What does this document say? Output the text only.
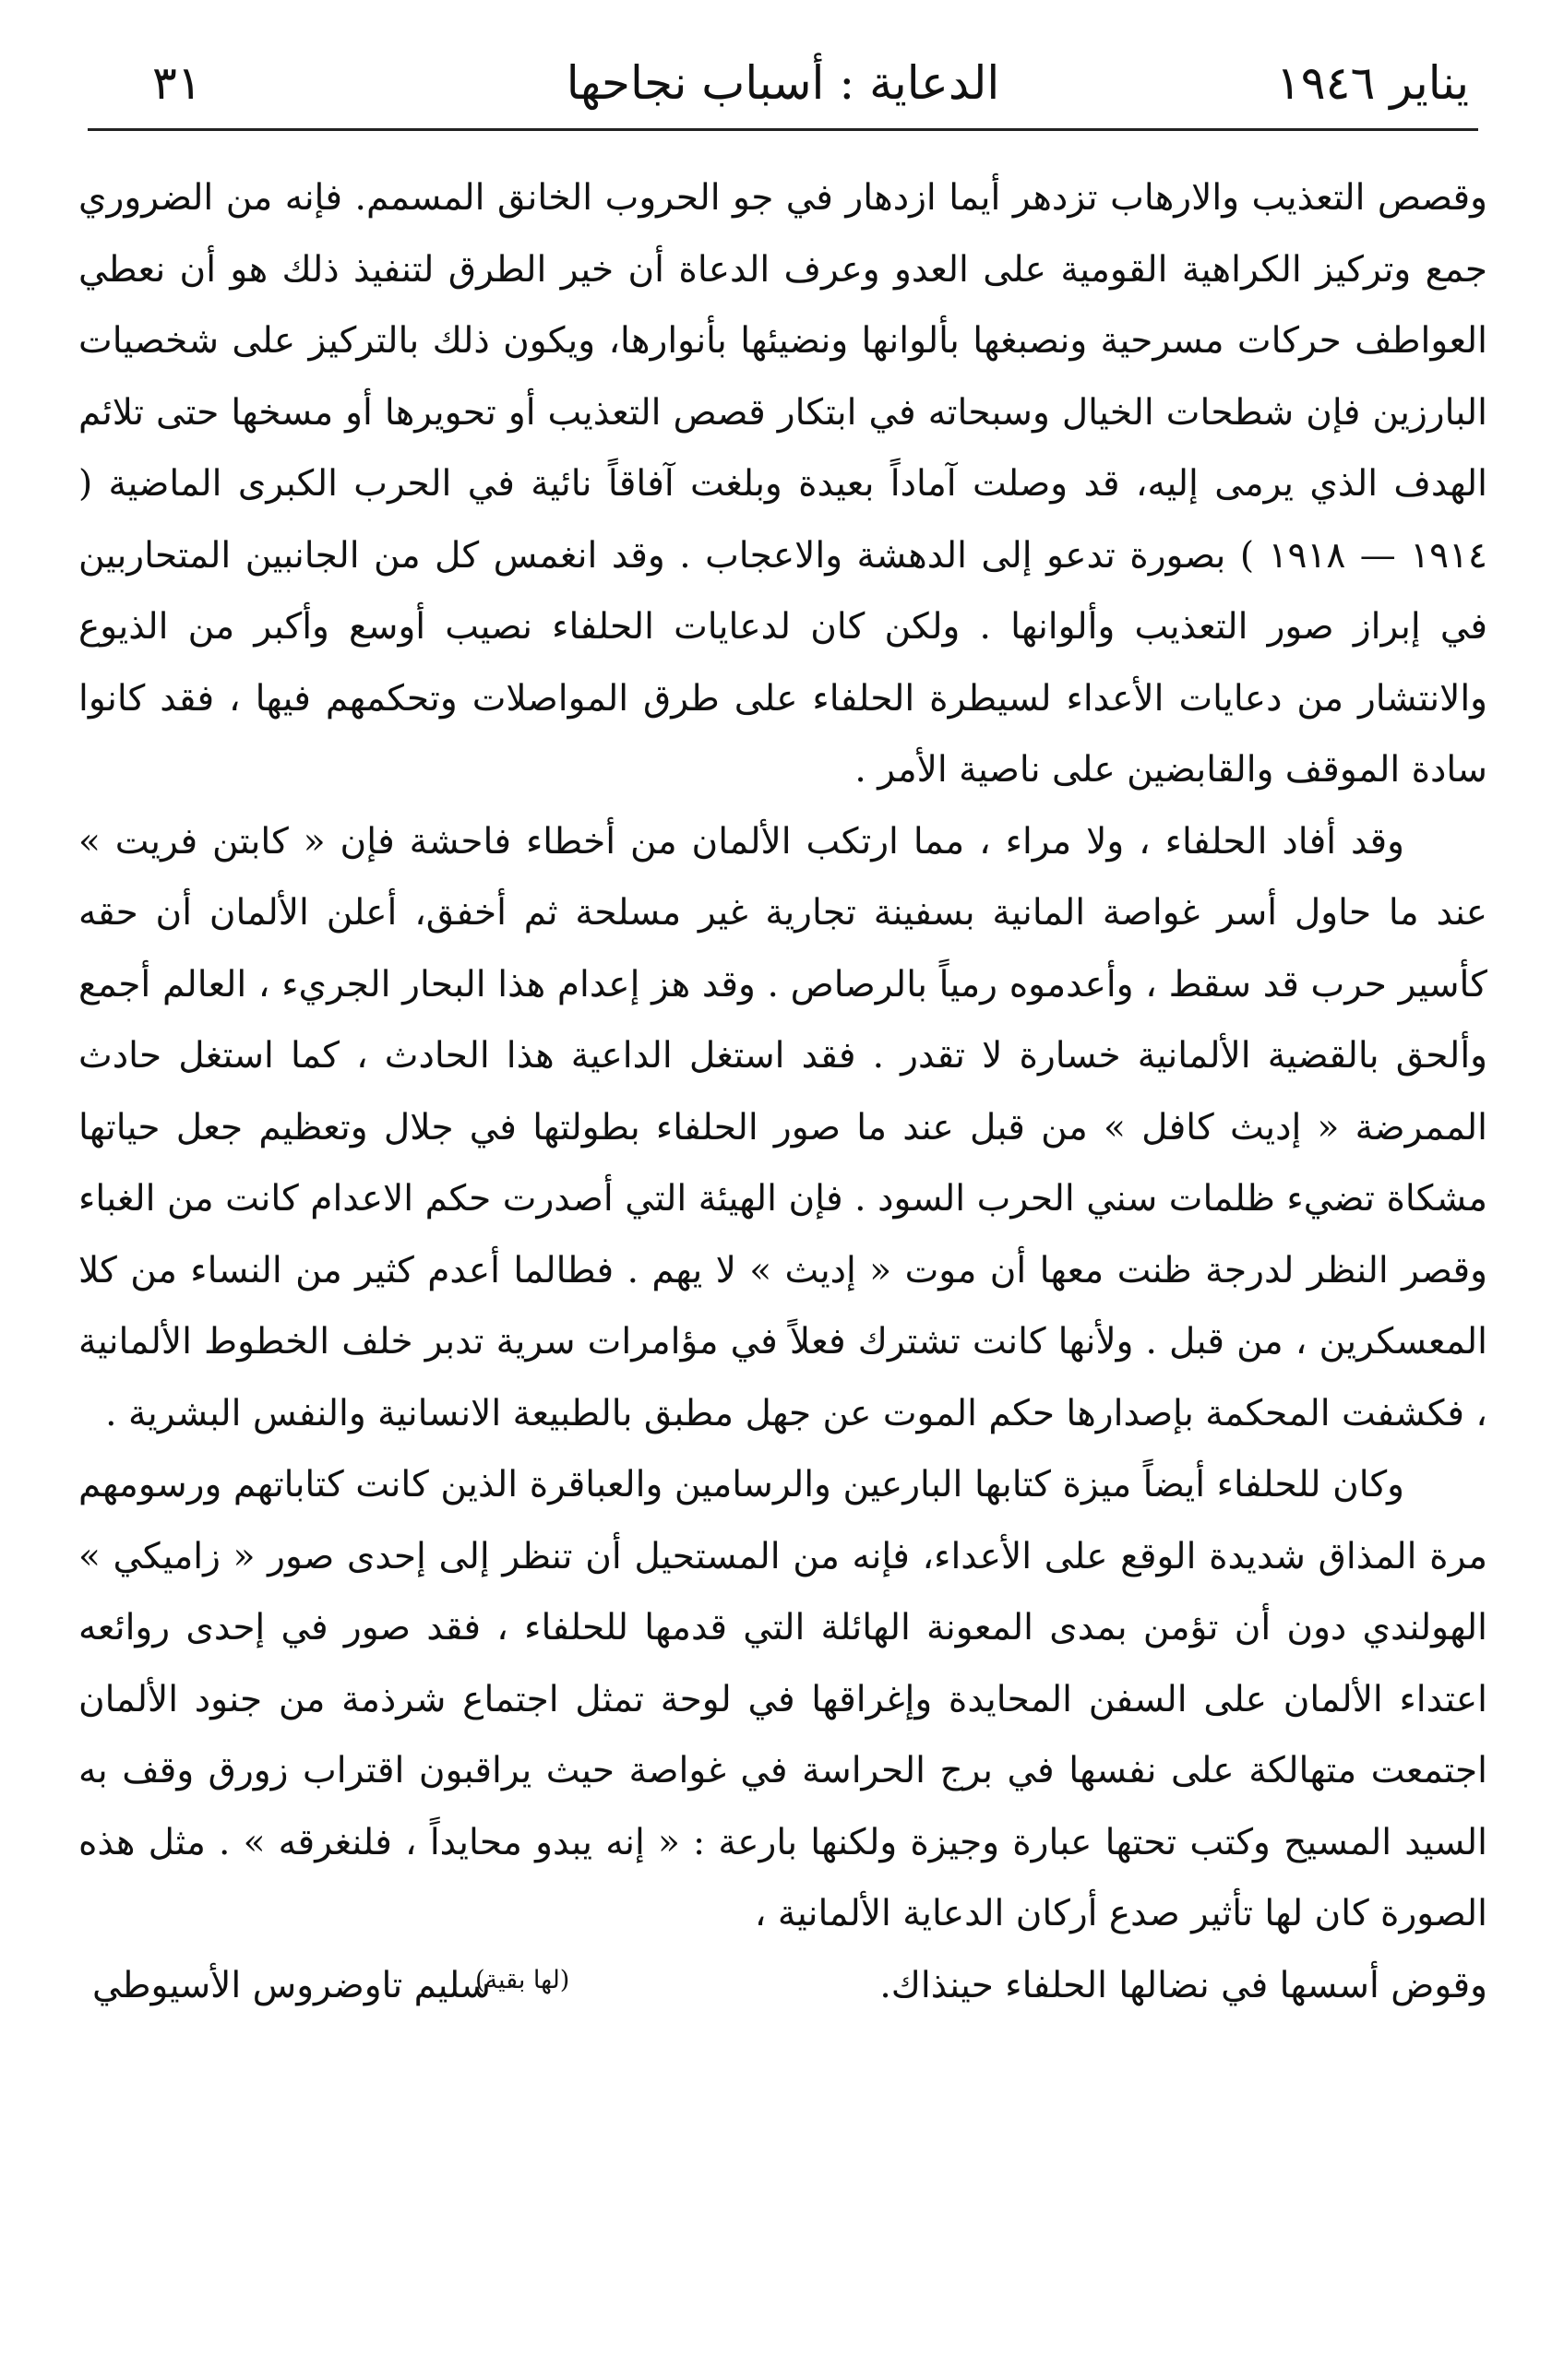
يناير ١٩٤٦
الدعاية : أسباب نجاحها
٣١

وقصص التعذيب والارهاب تزدهر أيما ازدهار في جو الحروب الخانق المسمم. فإنه من الضروري جمع وتركيز الكراهية القومية على العدو وعرف الدعاة أن خير الطرق لتنفيذ ذلك هو أن نعطي العواطف حركات مسرحية ونصبغها بألوانها ونضيئها بأنوارها، ويكون ذلك بالتركيز على شخصيات البارزين فإن شطحات الخيال وسبحاته في ابتكار قصص التعذيب أو تحويرها أو مسخها حتى تلائم الهدف الذي يرمى إليه، قد وصلت آماداً بعيدة وبلغت آفاقاً نائية في الحرب الكبرى الماضية ( ١٩١٤ — ١٩١٨ ) بصورة تدعو إلى الدهشة والاعجاب . وقد انغمس كل من الجانبين المتحاربين في إبراز صور التعذيب وألوانها . ولكن كان لدعايات الحلفاء نصيب أوسع وأكبر من الذيوع والانتشار من دعايات الأعداء لسيطرة الحلفاء على طرق المواصلات وتحكمهم فيها ، فقد كانوا سادة الموقف والقابضين على ناصية الأمر .

وقد أفاد الحلفاء ، ولا مراء ، مما ارتكب الألمان من أخطاء فاحشة فإن « كابتن فريت » عند ما حاول أسر غواصة المانية بسفينة تجارية غير مسلحة ثم أخفق، أعلن الألمان أن حقه كأسير حرب قد سقط ، وأعدموه رمياً بالرصاص . وقد هز إعدام هذا البحار الجريء ، العالم أجمع وألحق بالقضية الألمانية خسارة لا تقدر . فقد استغل الداعية هذا الحادث ، كما استغل حادث الممرضة « إديث كافل » من قبل عند ما صور الحلفاء بطولتها في جلال وتعظيم جعل حياتها مشكاة تضيء ظلمات سني الحرب السود . فإن الهيئة التي أصدرت حكم الاعدام كانت من الغباء وقصر النظر لدرجة ظنت معها أن موت « إديث » لا يهم . فطالما أعدم كثير من النساء من كلا المعسكرين ، من قبل . ولأنها كانت تشترك فعلاً في مؤامرات سرية تدبر خلف الخطوط الألمانية ، فكشفت المحكمة بإصدارها حكم الموت عن جهل مطبق بالطبيعة الانسانية والنفس البشرية .

وكان للحلفاء أيضاً ميزة كتابها البارعين والرسامين والعباقرة الذين كانت كتاباتهم ورسومهم مرة المذاق شديدة الوقع على الأعداء، فإنه من المستحيل أن تنظر إلى إحدى صور « زاميكي » الهولندي دون أن تؤمن بمدى المعونة الهائلة التي قدمها للحلفاء ، فقد صور في إحدى روائعه اعتداء الألمان على السفن المحايدة وإغراقها في لوحة تمثل اجتماع شرذمة من جنود الألمان اجتمعت متهالكة على نفسها في برج الحراسة في غواصة حيث يراقبون اقتراب زورق وقف به السيد المسيح وكتب تحتها عبارة وجيزة ولكنها بارعة : « إنه يبدو محايداً ، فلنغرقه » . مثل هذه الصورة كان لها تأثير صدع أركان الدعاية الألمانية ،

وقوض أسسها في نضالها الحلفاء حينذاك.
(لها بقية)
سليم تاوضروس الأسيوطي
